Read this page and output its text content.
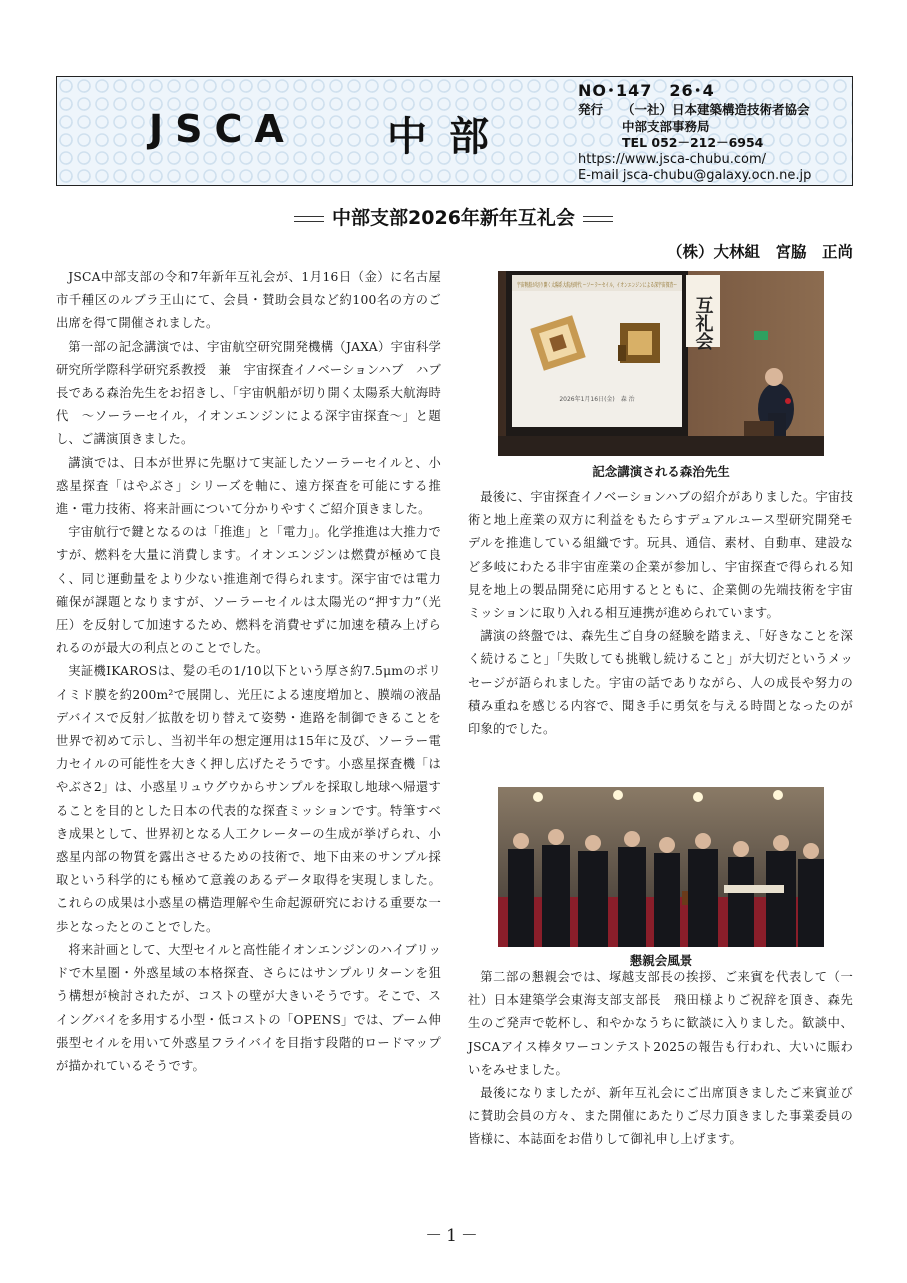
JSCA 中部
NO･147　26･4
発行	（一社）日本建築構造技術者協会
中部支部事務局
TEL 052－212－6954
https://www.jsca-chubu.com/
E-mail jsca-chubu@galaxy.ocn.ne.jp
中部支部2026年新年互礼会
（株）大林組　宮脇　正尚

JSCA中部支部の令和7年新年互礼会が、1月16日（金）に名古屋市千種区のルブラ王山にて、会員・賛助会員など約100名の方のご出席を得て開催されました。

第一部の記念講演では、宇宙航空研究開発機構（JAXA）宇宙科学研究所学際科学研究系教授　兼　宇宙探査イノベーションハブ　ハブ長である森治先生をお招きし、「宇宙帆船が切り開く太陽系大航海時代　～ソーラーセイル，イオンエンジンによる深宇宙探査～」と題し、ご講演頂きました。

講演では、日本が世界に先駆けて実証したソーラーセイルと、小惑星探査「はやぶさ」シリーズを軸に、遠方探査を可能にする推進・電力技術、将来計画について分かりやすくご紹介頂きました。

宇宙航行で鍵となるのは「推進」と「電力」。化学推進は大推力ですが、燃料を大量に消費します。イオンエンジンは燃費が極めて良く、同じ運動量をより少ない推進剤で得られます。深宇宙では電力確保が課題となりますが、ソーラーセイルは太陽光の“押す力”（光圧）を反射して加速するため、燃料を消費せずに加速を積み上げられるのが最大の利点とのことでした。

実証機IKAROSは、髪の毛の1/10以下という厚さ約7.5μmのポリイミド膜を約200m²で展開し、光圧による速度増加と、膜端の液晶デバイスで反射／拡散を切り替えて姿勢・進路を制御できることを世界で初めて示し、当初半年の想定運用は15年に及び、ソーラー電力セイルの可能性を大きく押し広げたそうです。小惑星探査機「はやぶさ2」は、小惑星リュウグウからサンプルを採取し地球へ帰還することを目的とした日本の代表的な探査ミッションです。特筆すべき成果として、世界初となる人工クレーターの生成が挙げられ、小惑星内部の物質を露出させるための技術で、地下由来のサンプル採取という科学的にも極めて意義のあるデータ取得を実現しました。これらの成果は小惑星の構造理解や生命起源研究における重要な一歩となったとのことでした。

将来計画として、大型セイルと高性能イオンエンジンのハイブリッドで木星圏・外惑星域の本格探査、さらにはサンプルリターンを狙う構想が検討されたが、コストの壁が大きいそうです。そこで、スイングバイを多用する小型・低コストの「OPENS」では、ブーム伸張型セイルを用いて外惑星フライバイを目指す段階的ロードマップが描かれているそうです。

宇宙帆船が切り開く太陽系大航海時代 ～ソーラーセイル，イオンエンジンによる深宇宙探査～
2026年1月16日(金)　森 治
互礼会
記念講演される森治先生

最後に、宇宙探査イノベーションハブの紹介がありました。宇宙技術と地上産業の双方に利益をもたらすデュアルユース型研究開発モデルを推進している組織です。玩具、通信、素材、自動車、建設など多岐にわたる非宇宙産業の企業が参加し、宇宙探査で得られる知見を地上の製品開発に応用するとともに、企業側の先端技術を宇宙ミッションに取り入れる相互連携が進められています。

講演の終盤では、森先生ご自身の経験を踏まえ、「好きなことを深く続けること」「失敗しても挑戦し続けること」が大切だというメッセージが語られました。宇宙の話でありながら、人の成長や努力の積み重ねを感じる内容で、聞き手に勇気を与える時間となったのが印象的でした。

懇親会風景

第二部の懇親会では、塚越支部長の挨拶、ご来賓を代表して（一社）日本建築学会東海支部支部長　飛田様よりご祝辞を頂き、森先生のご発声で乾杯し、和やかなうちに歓談に入りました。歓談中、JSCAアイス棒タワーコンテスト2025の報告も行われ、大いに賑わいをみせました。

最後になりましたが、新年互礼会にご出席頂きましたご来賓並びに賛助会員の方々、また開催にあたりご尽力頂きました事業委員の皆様に、本誌面をお借りして御礼申し上げます。

－1－
